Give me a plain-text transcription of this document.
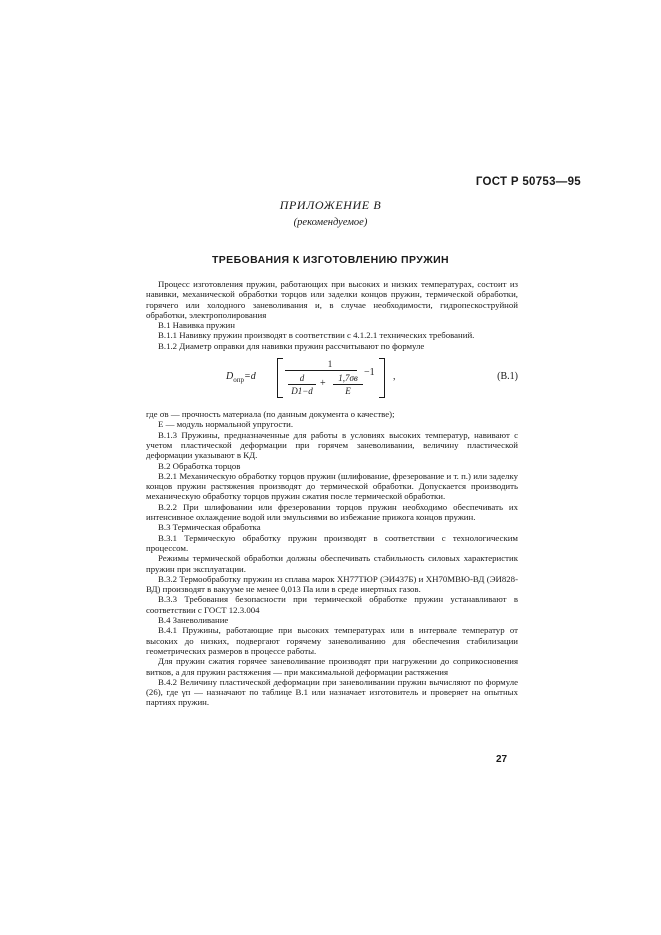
ГОСТ Р 50753—95
ПРИЛОЖЕНИЕ В
(рекомендуемое)
ТРЕБОВАНИЯ К ИЗГОТОВЛЕНИЮ ПРУЖИН

Процесс изготовления пружин, работающих при высоких и низких температурах, состоит из навивки, механической обработки торцов или заделки концов пружин, термической обработки, горячего или холодного заневоливания и, в случае необходимости, гидропескоструйной обработки, электрополирования

В.1 Навивка пружин

В.1.1 Навивку пружин производят в соответствии с 4.1.2.1 технических требований.

В.1.2 Диаметр оправки для навивки пружин рассчитывают по формуле

$D_{опр}=d$
1
d
D1−d
+	1,7σв
E
−1 ,	(В.1)

где σв — прочность материала (по данным документа о качестве);

E — модуль нормальной упругости.

В.1.3 Пружины, предназначенные для работы в условиях высоких температур, навивают с учетом пластической деформации при горячем заневоливании, величину пластической деформации указывают в КД.

В.2 Обработка торцов

В.2.1 Механическую обработку торцов пружин (шлифование, фрезерование и т. п.) или заделку концов пружин растяжения производят до термической обработки. Допускается производить механическую обработку торцов пружин сжатия после термической обработки.

В.2.2 При шлифовании или фрезеровании торцов пружин необходимо обеспечивать их интенсивное охлаждение водой или эмульсиями во избежание прижога концов пружин.

В.3 Термическая обработка

В.3.1 Термическую обработку пружин производят в соответствии с технологическим процессом.

Режимы термической обработки должны обеспечивать стабильность силовых характеристик пружин при эксплуатации.

В.3.2 Термообработку пружин из сплава марок ХН77ТЮР (ЭИ437Б) и ХН70МВЮ-ВД (ЭИ828-ВД) производят в вакууме не менее 0,013 Па или в среде инертных газов.

В.3.3 Требования безопасности при термической обработке пружин устанавливают в соответствии с ГОСТ 12.3.004

В.4 Заневоливание

В.4.1 Пружины, работающие при высоких температурах или в интервале температур от высоких до низких, подвергают горячему заневоливанию для обеспечения стабилизации геометрических размеров в процессе работы.

Для пружин сжатия горячее заневоливание производят при нагружении до соприкосновения витков, а для пружин растяжения — при максимальной деформации растяжения

В.4.2 Величину пластической деформации при заневоливании пружин вычисляют по формуле (26), где γп — назначают по таблице В.1 или назначает изготовитель и проверяет на опытных партиях пружин.

27
